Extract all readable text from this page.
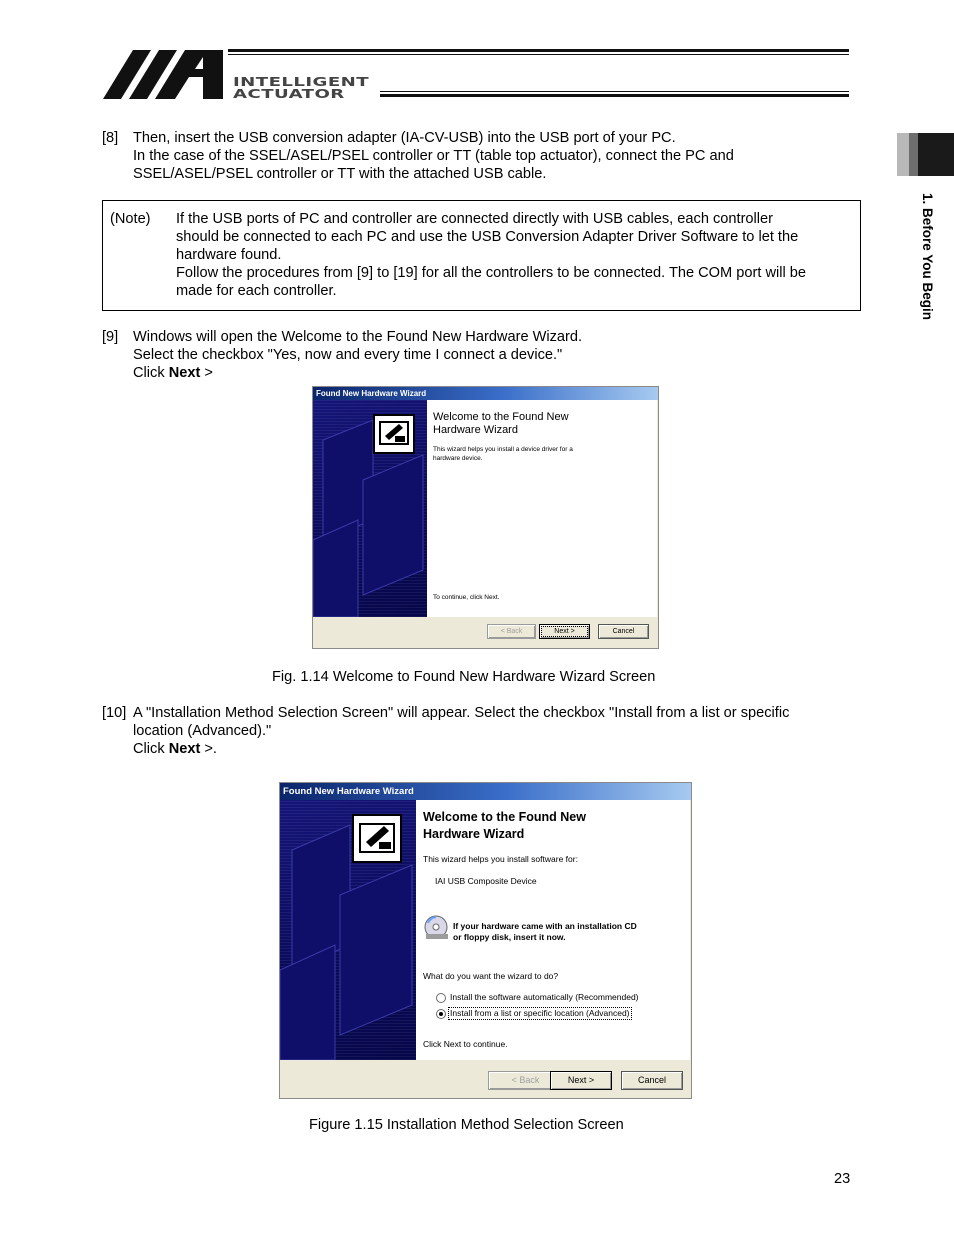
INTELLIGENT
ACTUATOR
1. Before You Begin
[8] Then, insert the USB conversion adapter (IA-CV-USB) into the USB port of your PC.
In the case of the SSEL/ASEL/PSEL controller or TT (table top actuator), connect the PC and
SSEL/ASEL/PSEL controller or TT with the attached USB cable.
(Note) If the USB ports of PC and controller are connected directly with USB cables, each controller
should be connected to each PC and use the USB Conversion Adapter Driver Software to let the
hardware found.
Follow the procedures from [9] to [19] for all the controllers to be connected. The COM port will be
made for each controller.
[9] Windows will open the Welcome to the Found New Hardware Wizard.
Select the checkbox "Yes, now and every time I connect a device."
Click Next >
Found New Hardware Wizard
Welcome to the Found New
Hardware Wizard
This wizard helps you install a device driver for a
hardware device.
To continue, click Next.
< Back	Next >	Cancel
Fig. 1.14 Welcome to Found New Hardware Wizard Screen
[10] A "Installation Method Selection Screen" will appear. Select the checkbox "Install from a list or specific
location (Advanced)."
Click Next >.
Found New Hardware Wizard
Welcome to the Found New
Hardware Wizard
This wizard helps you install software for:
IAI USB Composite Device
If your hardware came with an installation CD
or floppy disk, insert it now.
What do you want the wizard to do?
Install the software automatically (Recommended)
Install from a list or specific location (Advanced)
Click Next to continue.
< Back	Next >	Cancel
Figure 1.15 Installation Method Selection Screen
23
